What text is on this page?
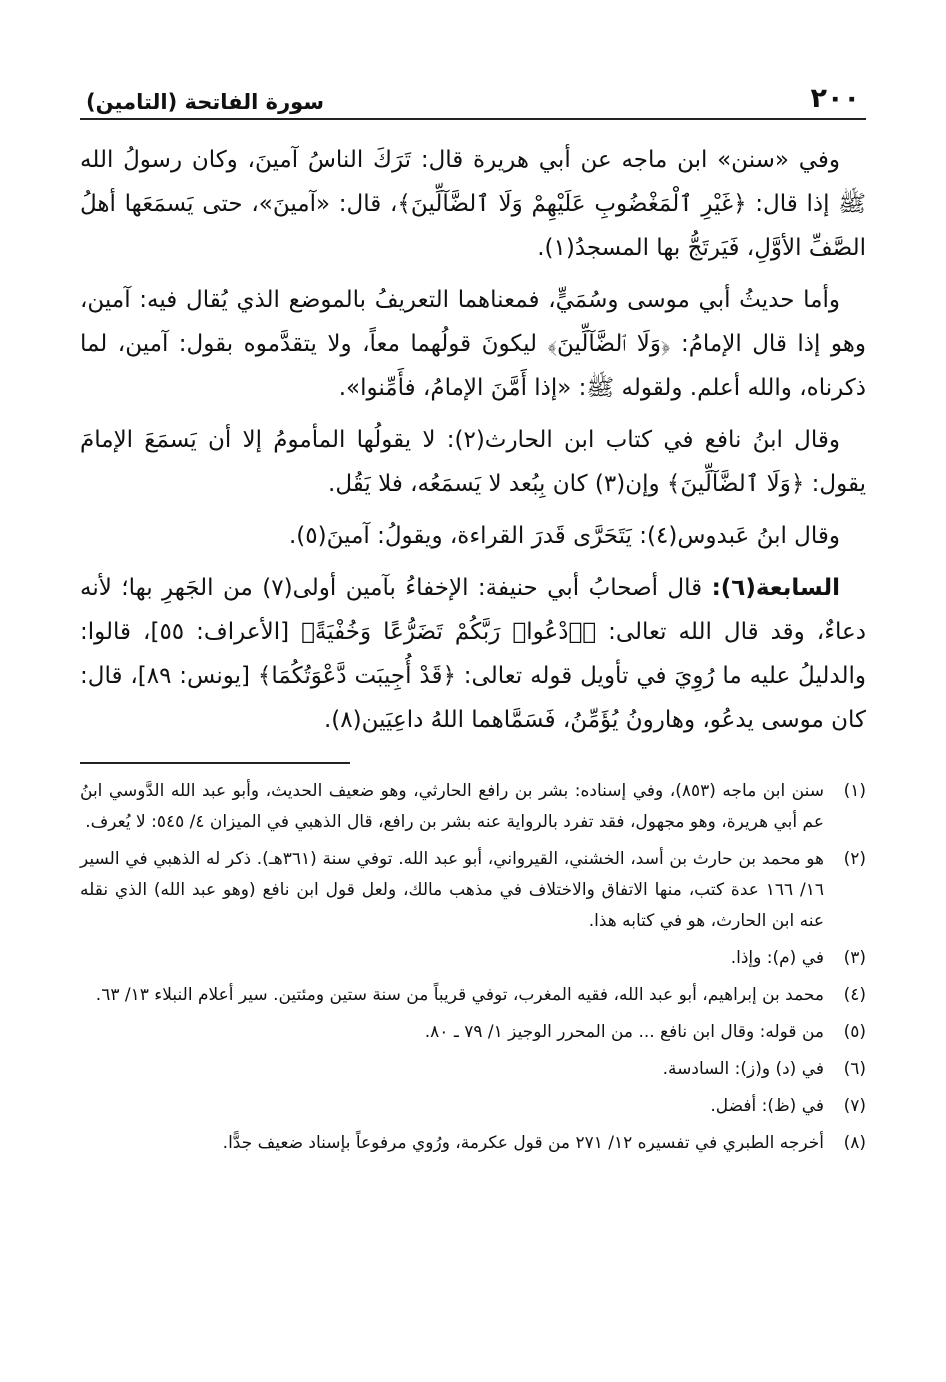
٢٠٠
سورة الفاتحة (التامين)

وفي «سنن» ابن ماجه عن أبي هريرة قال: تَرَكَ الناسُ آمينَ، وكان رسولُ الله ﷺ إذا قال: ﴿غَيْرِ ٱلْمَغْضُوبِ عَلَيْهِمْ وَلَا ٱلضَّآلِّينَ﴾، قال: «آمينَ»، حتى يَسمَعَها أهلُ الصَّفِّ الأوَّلِ، فَيَرتَجُّ بها المسجدُ(١).

وأما حديثُ أبي موسى وسُمَيٍّ، فمعناهما التعريفُ بالموضع الذي يُقال فيه: آمين، وهو إذا قال الإمامُ: ﴿وَلَا ٱلضَّآلِّينَ﴾ ليكونَ قولُهما معاً، ولا يتقدَّموه بقول: آمين، لما ذكرناه، والله أعلم. ولقوله ﷺ: «إذا أَمَّنَ الإمامُ، فأَمِّنوا».

وقال ابنُ نافع في كتاب ابن الحارث(٢): لا يقولُها المأمومُ إلا أن يَسمَعَ الإمامَ يقول: ﴿وَلَا ٱلضَّآلِّينَ﴾ وإن(٣) كان بِبُعد لا يَسمَعُه، فلا يَقُل.

وقال ابنُ عَبدوس(٤): يَتَحَرَّى قَدرَ القراءة، ويقولُ: آمينَ(٥).

السابعة(٦): قال أصحابُ أبي حنيفة: الإخفاءُ بآمين أولى(٧) من الجَهرِ بها؛ لأنه دعاءٌ، وقد قال الله تعالى: ﴿ٱدْعُوا۟ رَبَّكُمْ تَضَرُّعًا وَخُفْيَةً﴾ [الأعراف: ٥٥]، قالوا: والدليلُ عليه ما رُوِيَ في تأويل قوله تعالى: ﴿قَدْ أُجِيبَت دَّعْوَتُكُمَا﴾ [يونس: ٨٩]، قال: كان موسى يدعُو، وهارونُ يُؤَمِّنُ، فَسَمَّاهما اللهُ داعِيَين(٨).

(١)
سنن ابن ماجه (٨٥٣)، وفي إسناده: بشر بن رافع الحارثي، وهو ضعيف الحديث، وأبو عبد الله الدَّوسي ابنُ عم أبي هريرة، وهو مجهول، فقد تفرد بالرواية عنه بشر بن رافع، قال الذهبي في الميزان ٤/ ٥٤٥: لا يُعرف.
(٢)
هو محمد بن حارث بن أسد، الخشني، القيرواني، أبو عبد الله. توفي سنة (٣٦١هـ). ذكر له الذهبي في السير ١٦/ ١٦٦ عدة كتب، منها الاتفاق والاختلاف في مذهب مالك، ولعل قول ابن نافع (وهو عبد الله) الذي نقله عنه ابن الحارث، هو في كتابه هذا.
(٣)
في (م): وإذا.
(٤)
محمد بن إبراهيم، أبو عبد الله، فقيه المغرب، توفي قريباً من سنة ستين ومئتين. سير أعلام النبلاء ١٣/ ٦٣.
(٥)
من قوله: وقال ابن نافع ... من المحرر الوجيز ١/ ٧٩ ـ ٨٠.
(٦)
في (د) و(ز): السادسة.
(٧)
في (ظ): أفضل.
(٨)
أخرجه الطبري في تفسيره ١٢/ ٢٧١ من قول عكرمة، ورُوي مرفوعاً بإسناد ضعيف جدًّا.
